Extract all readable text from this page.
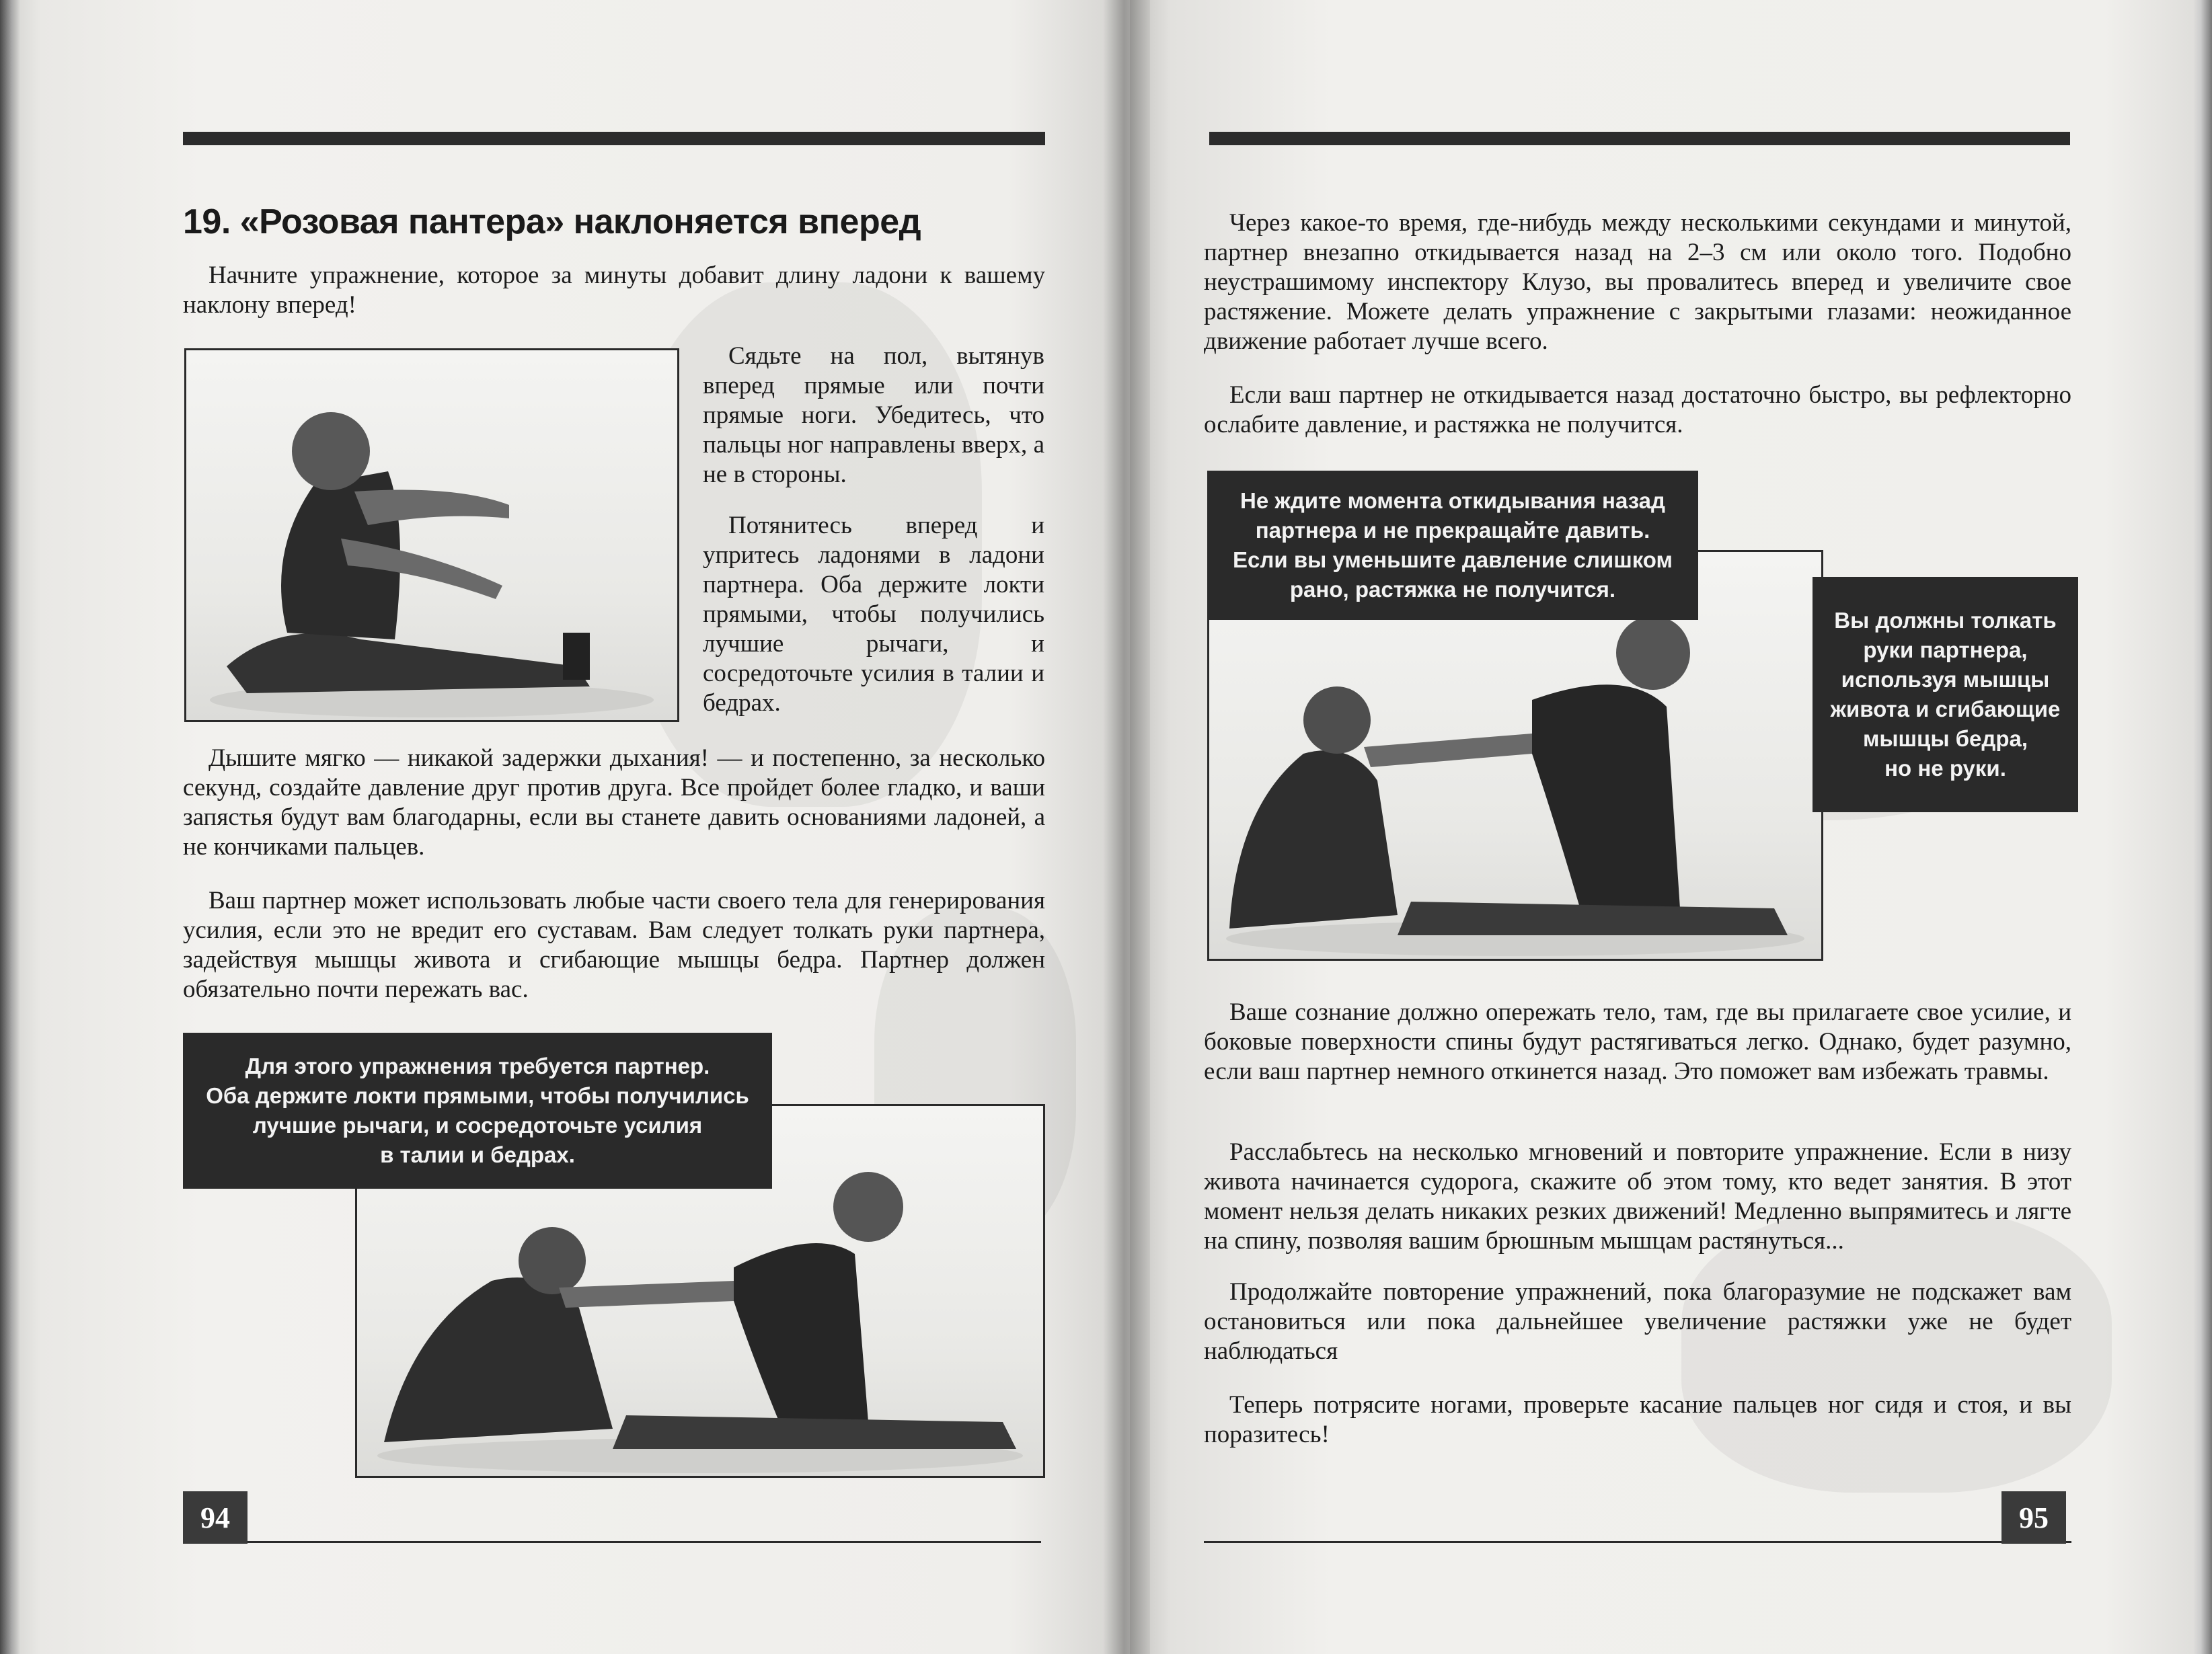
19. «Розовая пантера» наклоняется вперед

Начните упражнение, которое за минуты добавит длину ладони к вашему наклону вперед!

Сядьте на пол, вытянув вперед прямые или почти прямые ноги. Убедитесь, что пальцы ног направлены вверх, а не в стороны.

Потянитесь вперед и упритесь ладонями в ладони партнера. Оба держите локти прямыми, чтобы получились лучшие рычаги, и сосредоточьте усилия в талии и бедрах.

Дышите мягко — никакой задержки дыхания! — и постепенно, за несколько секунд, создайте давление друг против друга. Все пройдет более гладко, и ваши запястья будут вам благодарны, если вы станете давить основаниями ладоней, а не кончиками пальцев.

Ваш партнер может использовать любые части своего тела для генерирования усилия, если это не вредит его суставам. Вам следует толкать руки партнера, задействуя мышцы живота и сгибающие мышцы бедра. Партнер должен обязательно почти пережать вас.

Для этого упражнения требуется партнер.
Оба держите локти прямыми, чтобы получились
лучшие рычаги, и сосредоточьте усилия
в талии и бедрах.
94

Через какое-то время, где-нибудь между несколькими секундами и минутой, партнер внезапно откидывается назад на 2–3 см или около того. Подобно неустрашимому инспектору Клузо, вы провалитесь вперед и увеличите свое растяжение. Можете делать упражнение с закрытыми глазами: неожиданное движение работает лучше всего.

Если ваш партнер не откидывается назад достаточно быстро, вы рефлекторно ослабите давление, и растяжка не получится.

Не ждите момента откидывания назад
партнера и не прекращайте давить.
Если вы уменьшите давление слишком
рано, растяжка не получится.
Вы должны толкать
руки партнера,
используя мышцы
живота и сгибающие
мышцы бедра,
но не руки.

Ваше сознание должно опережать тело, там, где вы прилагаете свое усилие, и боковые поверхности спины будут растягиваться легко. Однако, будет разумно, если ваш партнер немного откинется назад. Это поможет вам избежать травмы.

Расслабьтесь на несколько мгновений и повторите упражнение. Если в низу живота начинается судорога, скажите об этом тому, кто ведет занятия. В этот момент нельзя делать никаких резких движений! Медленно выпрямитесь и лягте на спину, позволяя вашим брюшным мышцам растянуться...

Продолжайте повторение упражнений, пока благоразумие не подскажет вам остановиться или пока дальнейшее увеличение растяжки уже не будет наблюдаться

Теперь потрясите ногами, проверьте касание пальцев ног сидя и стоя, и вы поразитесь!

95
